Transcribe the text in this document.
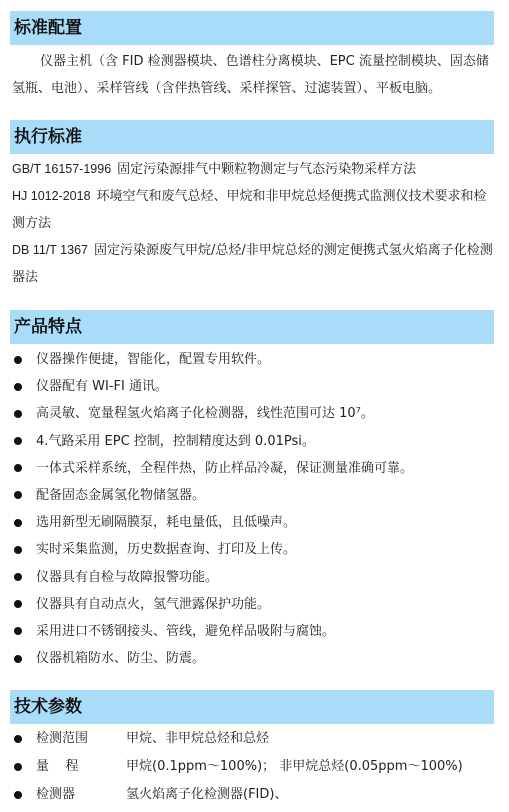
标准配置
仪器主机（含 FID 检测器模块、色谱柱分离模块、EPC 流量控制模块、固态储氢瓶、电池）、采样管线（含伴热管线、采样探管、过滤装置）、平板电脑。
执行标准
GB/T 16157-1996 固定污染源排气中颗粒物测定与气态污染物采样方法
HJ 1012-2018 环境空气和废气总烃、甲烷和非甲烷总烃便携式监测仪技术要求和检测方法
DB 11/T 1367 固定污染源废气甲烷/总烃/非甲烷总烃的测定便携式氢火焰离子化检测器法
产品特点
仪器操作便捷，智能化，配置专用软件。
仪器配有 WI-FI 通讯。
高灵敏、宽量程氢火焰离子化检测器，线性范围可达 10⁷。
4.气路采用 EPC 控制，控制精度达到 0.01Psi。
一体式采样系统，全程伴热，防止样品冷凝，保证测量准确可靠。
配备固态金属氢化物储氢器。
选用新型无刷隔膜泵，耗电量低，且低噪声。
实时采集监测，历史数据查询、打印及上传。
仪器具有自检与故障报警功能。
仪器具有自动点火，氢气泄露保护功能。
采用进口不锈钢接头、管线，避免样品吸附与腐蚀。
仪器机箱防水、防尘、防震。
技术参数
检测范围	甲烷、非甲烷总烃和总烃
量    程	甲烷(0.1ppm～100%)； 非甲烷总烃(0.05ppm～100%)
检测器	氢火焰离子化检测器(FID)、
